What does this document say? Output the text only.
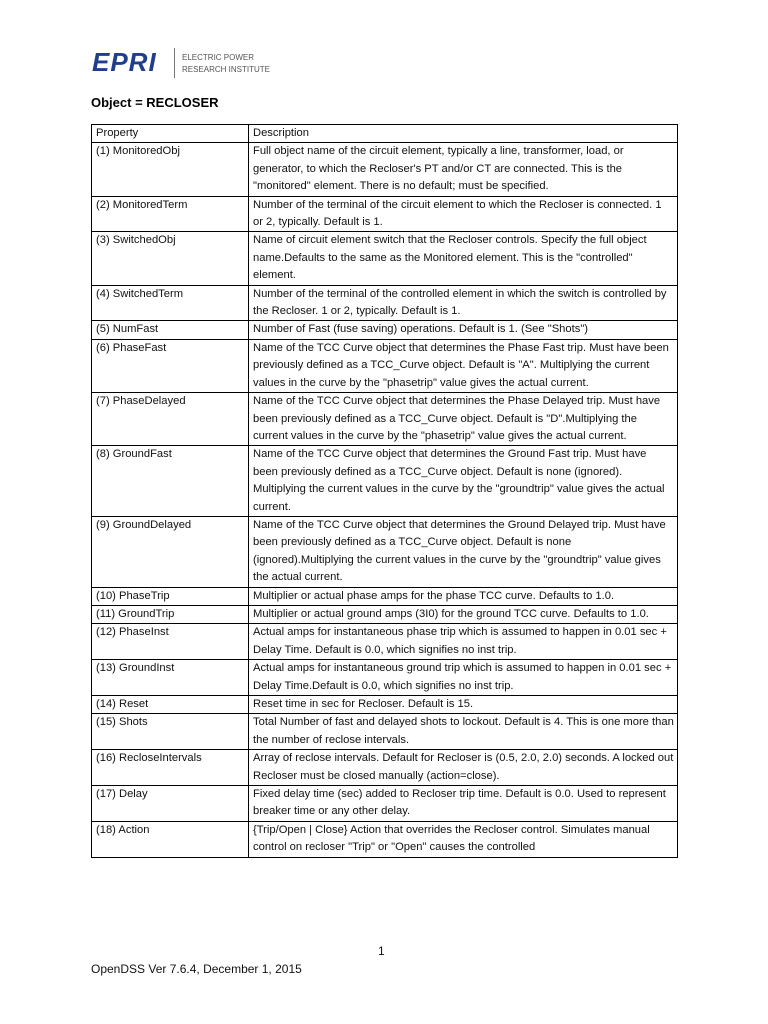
EPRI	ELECTRIC POWER
RESEARCH INSTITUTE
Object = RECLOSER
Property	Description
(1) MonitoredObj	Full object name of the circuit element, typically a line, transformer, load, or generator, to which the Recloser's PT and/or CT are connected. This is the "monitored" element. There is no default; must be specified.
(2) MonitoredTerm	Number of the terminal of the circuit element to which the Recloser is connected. 1 or 2, typically. Default is 1.
(3) SwitchedObj	Name of circuit element switch that the Recloser controls. Specify the full object name.Defaults to the same as the Monitored element. This is the "controlled" element.
(4) SwitchedTerm	Number of the terminal of the controlled element in which the switch is controlled by the Recloser. 1 or 2, typically. Default is 1.
(5) NumFast	Number of Fast (fuse saving) operations. Default is 1. (See "Shots")
(6) PhaseFast	Name of the TCC Curve object that determines the Phase Fast trip. Must have been previously defined as a TCC_Curve object. Default is "A". Multiplying the current values in the curve by the "phasetrip" value gives the actual current.
(7) PhaseDelayed	Name of the TCC Curve object that determines the Phase Delayed trip. Must have been previously defined as a TCC_Curve object. Default is "D".Multiplying the current values in the curve by the "phasetrip" value gives the actual current.
(8) GroundFast	Name of the TCC Curve object that determines the Ground Fast trip. Must have been previously defined as a TCC_Curve object. Default is none (ignored). Multiplying the current values in the curve by the "groundtrip" value gives the actual current.
(9) GroundDelayed	Name of the TCC Curve object that determines the Ground Delayed trip. Must have been previously defined as a TCC_Curve object. Default is none (ignored).Multiplying the current values in the curve by the "groundtrip" value gives the actual current.
(10) PhaseTrip	Multiplier or actual phase amps for the phase TCC curve. Defaults to 1.0.
(11) GroundTrip	Multiplier or actual ground amps (3I0) for the ground TCC curve. Defaults to 1.0.
(12) PhaseInst	Actual amps for instantaneous phase trip which is assumed to happen in 0.01 sec + Delay Time. Default is 0.0, which signifies no inst trip.
(13) GroundInst	Actual amps for instantaneous ground trip which is assumed to happen in 0.01 sec + Delay Time.Default is 0.0, which signifies no inst trip.
(14) Reset	Reset time in sec for Recloser. Default is 15.
(15) Shots	Total Number of fast and delayed shots to lockout. Default is 4. This is one more than the number of reclose intervals.
(16) RecloseIntervals	Array of reclose intervals. Default for Recloser is (0.5, 2.0, 2.0) seconds. A locked out Recloser must be closed manually (action=close).
(17) Delay	Fixed delay time (sec) added to Recloser trip time. Default is 0.0. Used to represent breaker time or any other delay.
(18) Action	{Trip/Open | Close} Action that overrides the Recloser control. Simulates manual control on recloser "Trip" or "Open" causes the controlled
1
OpenDSS Ver 7.6.4, December 1, 2015
